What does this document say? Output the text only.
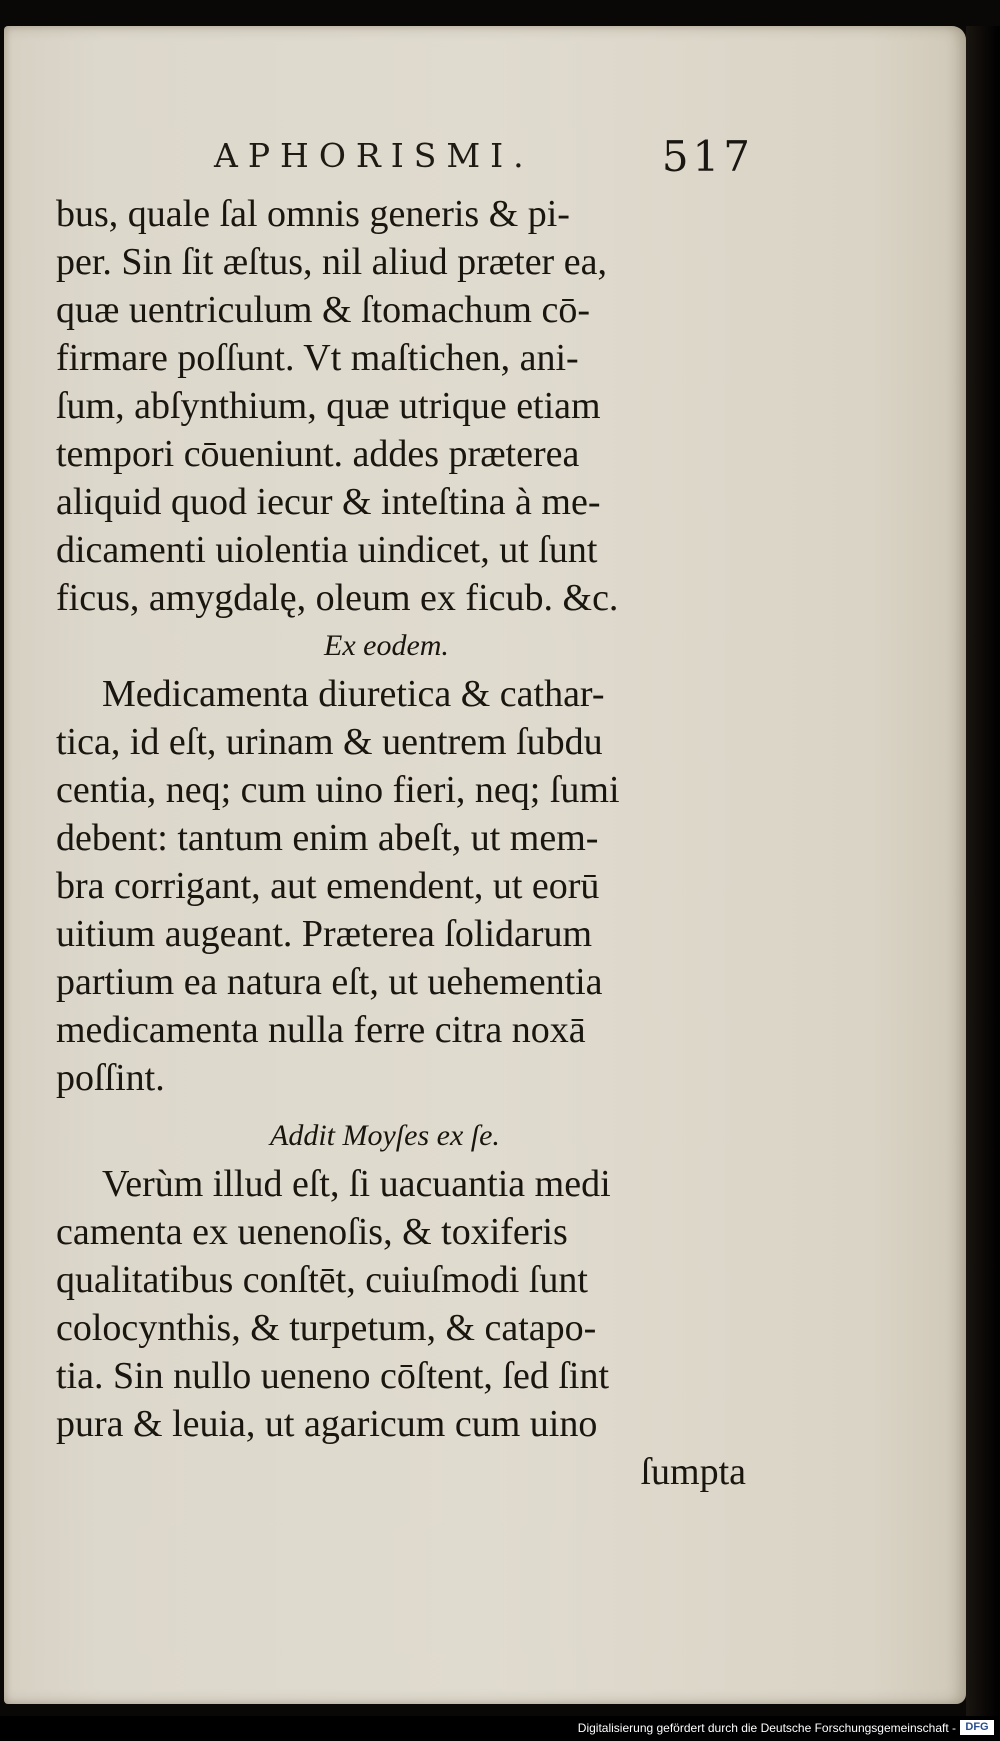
APHORISMI.	517
bus, quale ſal omnis generis & pi-
per. Sin ſit æſtus, nil aliud præter ea,
quæ uentriculum & ſtomachum cō-
firmare poſſunt. Vt maſtichen, ani-
ſum, abſynthium, quæ utrique etiam
tempori cōueniunt. addes præterea
aliquid quod iecur & inteſtina à me-
dicamenti uiolentia uindicet, ut ſunt
ficus, amygdalę, oleum ex ficub. &c.
Ex eodem.
Medicamenta diuretica & cathar-
tica, id eſt, urinam & uentrem ſubdu
centia, neq; cum uino fieri, neq; ſumi
debent: tantum enim abeſt, ut mem-
bra corrigant, aut emendent, ut eorū
uitium augeant. Præterea ſolidarum
partium ea natura eſt, ut uehementia
medicamenta nulla ferre citra noxā
poſſint.
Addit Moyſes ex ſe.
Verùm illud eſt, ſi uacuantia medi
camenta ex uenenoſis, & toxiferis
qualitatibus conſtēt, cuiuſmodi ſunt
colocynthis, & turpetum, & catapo-
tia. Sin nullo ueneno cōſtent, ſed ſint
pura & leuia, ut agaricum cum uino
ſumpta
Digitalisierung gefördert durch die Deutsche Forschungsgemeinschaft - DFG
